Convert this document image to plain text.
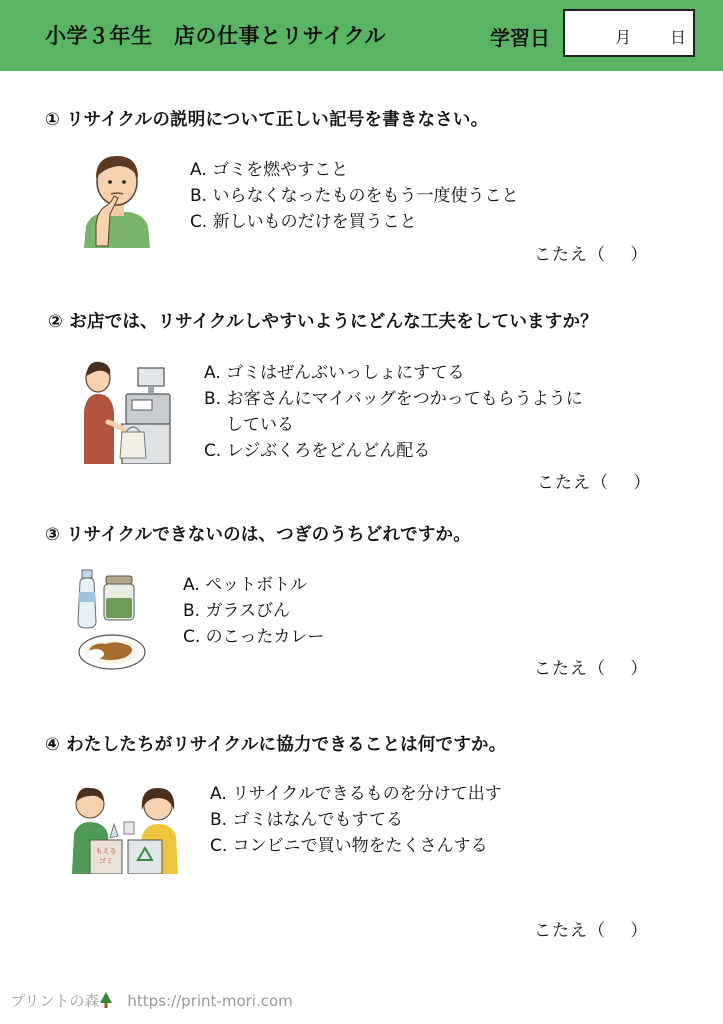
小学３年生　店の仕事とリサイクル	学習日	月 日
① リサイクルの説明について正しい記号を書きなさい。
A. ゴミを燃やすこと
B. いらなくなったものをもう一度使うこと
C. 新しいものだけを買うこと
こたえ（　 ）
② お店では、リサイクルしやすいようにどんな工夫をしていますか？
A. ゴミはぜんぶいっしょにすてる
B. お客さんにマイバッグをつかってもらうように
している
C. レジぶくろをどんどん配る
こたえ（　 ）
③ リサイクルできないのは、つぎのうちどれですか。
A. ペットボトル
B. ガラスびん
C. のこったカレー
こたえ（　 ）
④ わたしたちがリサイクルに協力できることは何ですか。
もえる
ゴミ
A. リサイクルできるものを分けて出す
B. ゴミはなんでもすてる
C. コンビニで買い物をたくさんする
こたえ（　 ）
プリントの森 https://print-mori.com
